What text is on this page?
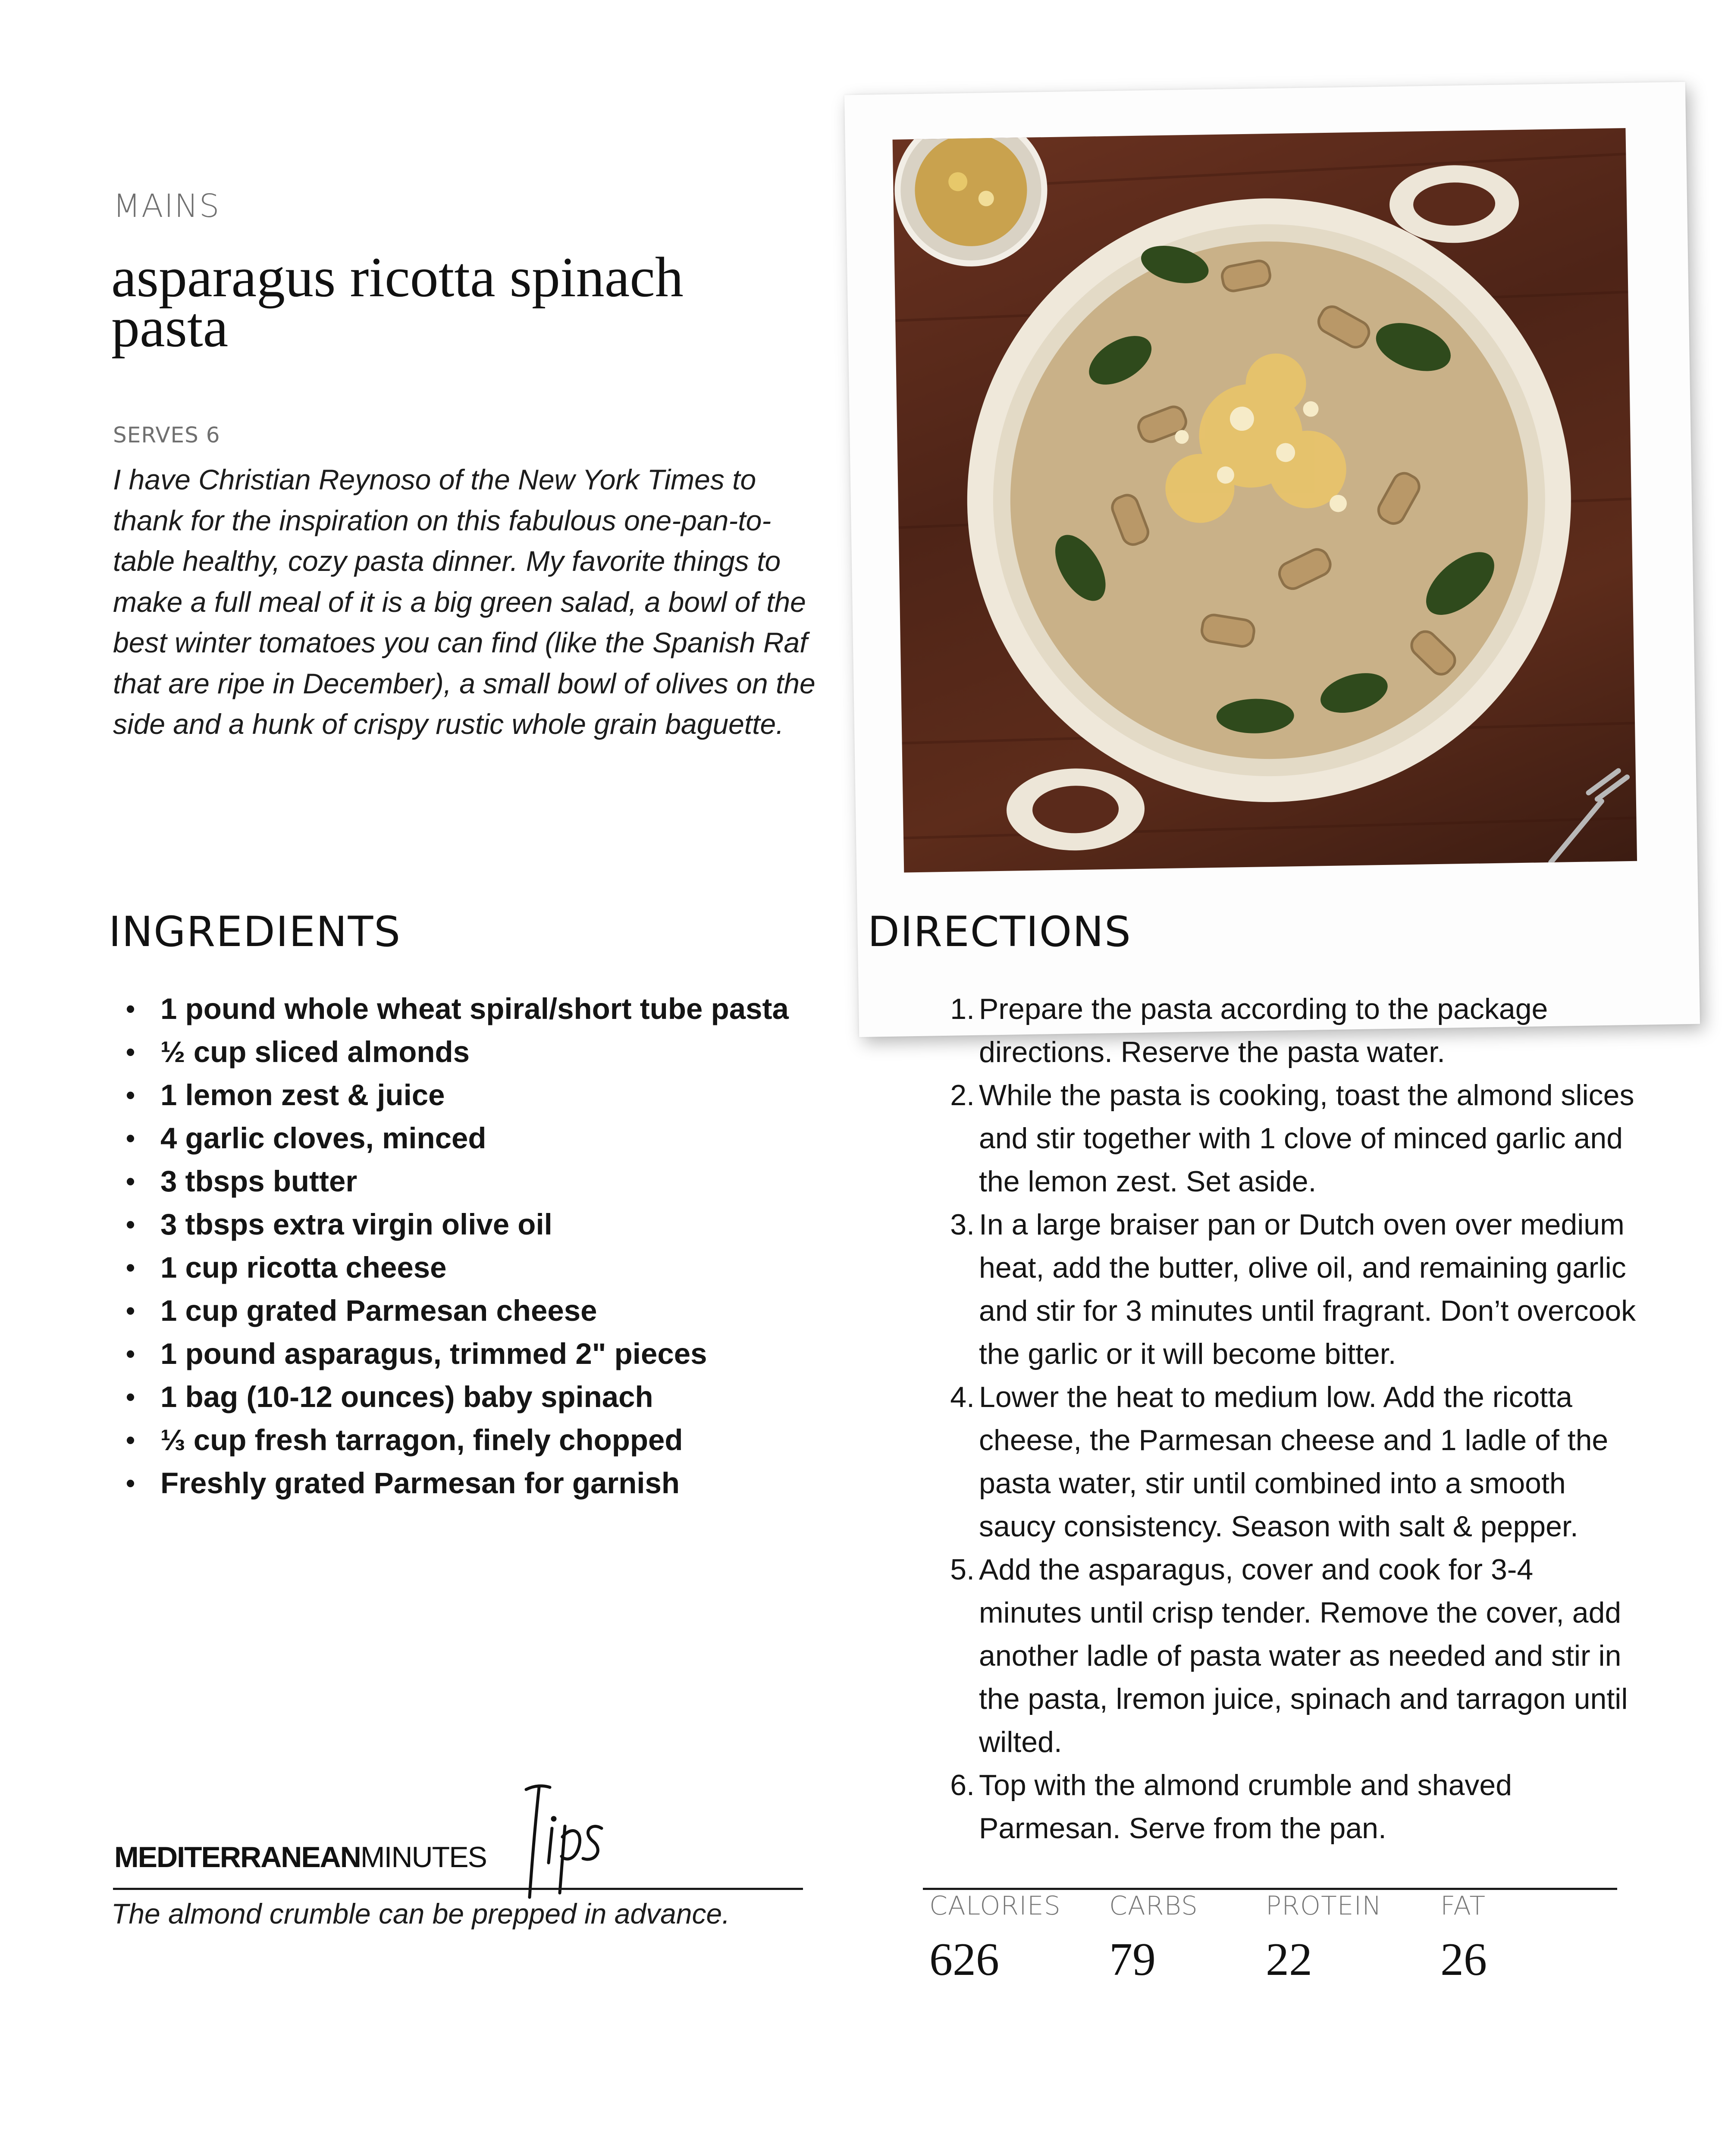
MAINS
asparagus ricotta spinach pasta
SERVES 6

I have Christian Reynoso of the New York Times to thank for the inspiration on this fabulous one-pan-to-table healthy, cozy pasta dinner. My favorite things to make a full meal of it is a big green salad, a bowl of the best winter tomatoes you can find (like the Spanish Raf that are ripe in December), a small bowl of olives on the side and a hunk of crispy rustic whole grain baguette.

INGREDIENTS
• 1 pound whole wheat spiral/short tube pasta
• ½ cup sliced almonds
• 1 lemon zest & juice
• 4 garlic cloves, minced
• 3 tbsps butter
• 3 tbsps extra virgin olive oil
• 1 cup ricotta cheese
• 1 cup grated Parmesan cheese
• 1 pound asparagus, trimmed 2" pieces
• 1 bag (10-12 ounces) baby spinach
• ⅓ cup fresh tarragon, finely chopped
• Freshly grated Parmesan for garnish
DIRECTIONS
1. Prepare the pasta according to the package directions. Reserve the pasta water.
2. While the pasta is cooking, toast the almond slices and stir together with 1 clove of minced garlic and the lemon zest. Set aside.
3. In a large braiser pan or Dutch oven over medium heat, add the butter, olive oil, and remaining garlic and stir for 3 minutes until fragrant. Don’t overcook the garlic or it will become bitter.
4. Lower the heat to medium low. Add the ricotta cheese, the Parmesan cheese and 1 ladle of the pasta water, stir until combined into a smooth saucy consistency. Season with salt & pepper.
5. Add the asparagus, cover and cook for 3-4 minutes until crisp tender. Remove the cover, add another ladle of pasta water as needed and stir in the pasta, lremon juice, spinach and tarragon until wilted.
6. Top with the almond crumble and shaved Parmesan. Serve from the pan.
MEDITERRANEANMINUTES
The almond crumble can be prepped in advance.	CALORIES
626
CARBS
79
PROTEIN
22
FAT
26
